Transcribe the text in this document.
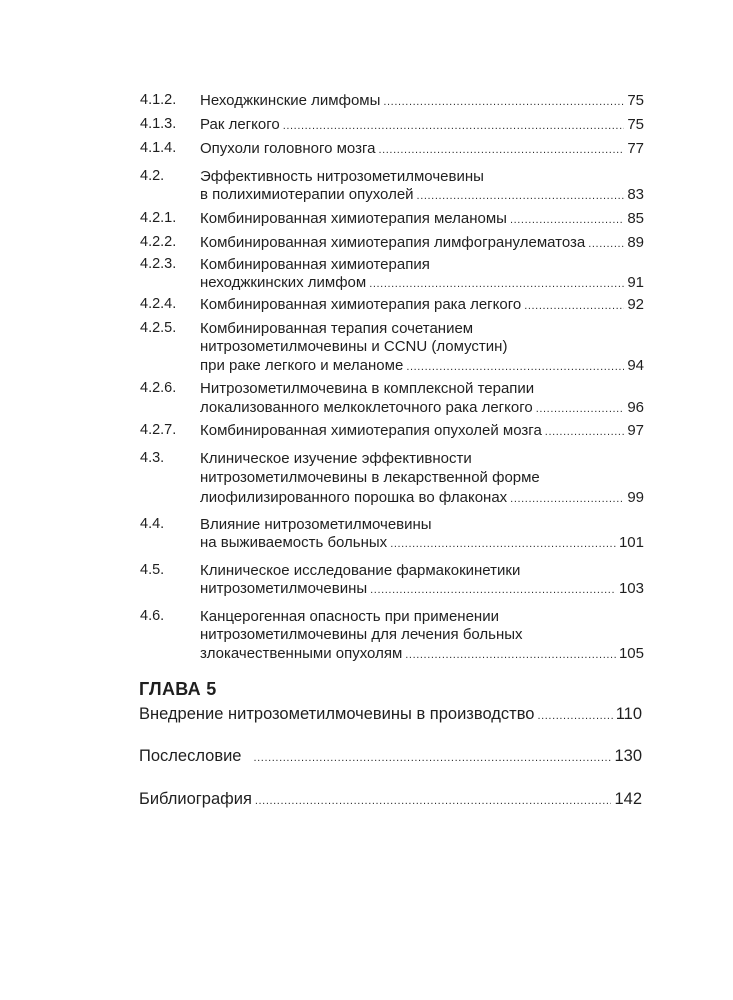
4.1.2. Неходжкинские лимфомы .....	75
4.1.3. Рак легкого .....	75
4.1.4. Опухоли головного мозга .....	77
4.2. Эффективность нитрозометилмочевины
в полихимиотерапии опухолей .....	83
4.2.1. Комбинированная химиотерапия меланомы .....	85
4.2.2. Комбинированная химиотерапия лимфогранулематоза .....	89
4.2.3. Комбинированная химиотерапия
неходжкинских лимфом .....	91
4.2.4. Комбинированная химиотерапия рака легкого .....	92
4.2.5. Комбинированная терапия сочетанием
нитрозометилмочевины и CCNU (ломустин)
при раке легкого и меланоме .....	94
4.2.6. Нитрозометилмочевина в комплексной терапии
локализованного мелкоклеточного рака легкого .....	96
4.2.7. Комбинированная химиотерапия опухолей мозга .....	97
4.3. Клиническое изучение эффективности
нитрозометилмочевины в лекарственной форме
лиофилизированного порошка во флаконах .....	99
4.4. Влияние нитрозометилмочевины
на выживаемость больных .....	101
4.5. Клиническое исследование фармакокинетики
нитрозометилмочевины .....	103
4.6. Канцерогенная опасность при применении
нитрозометилмочевины для лечения больных
злокачественными опухолям .....	105
ГЛАВА 5
Внедрение нитрозометилмочевины в производство .....	110
Послесловие .....	130
Библиография .....	142
